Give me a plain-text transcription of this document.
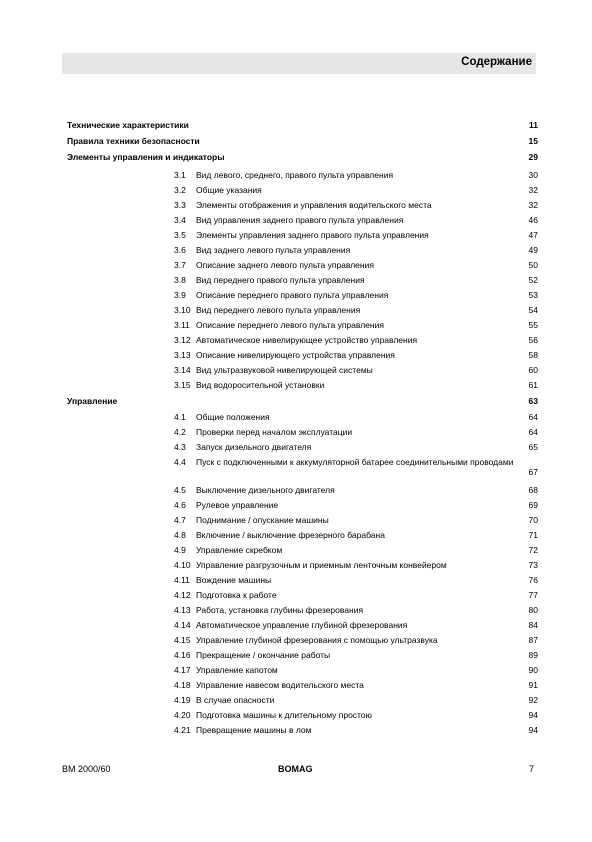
Содержание
Технические характеристики	11
Правила техники безопасности	15
Элементы управления и индикаторы	29
3.1 Вид левого, среднего, правого пульта управления	30
3.2 Общие указания	32
3.3 Элементы отображения и управления водительского места	32
3.4 Вид управления заднего правого пульта управления	46
3.5 Элементы управления заднего правого пульта управления	47
3.6 Вид заднего левого пульта управления	49
3.7 Описание заднего левого пульта управления	50
3.8 Вид переднего правого пульта управления	52
3.9 Описание переднего правого пульта управления	53
3.10 Вид переднего левого пульта управления	54
3.11 Описание переднего левого пульта управления	55
3.12 Автоматическое нивелирующее устройство управления	56
3.13 Описание нивелирующего устройства управления	58
3.14 Вид ультразвуковой нивелирующей системы	60
3.15 Вид водоросительной установки	61
Управление	63
4.1 Общие положения	64
4.2 Проверки перед началом эксплуатации	64
4.3 Запуск дизельного двигателя	65
4.4 Пуск с подключенными к аккумуляторной батарее соединительными проводами
67
4.5 Выключение дизельного двигателя	68
4.6 Рулевое управление	69
4.7 Поднимание / опускание машины	70
4.8 Включение / выключение фрезерного барабана	71
4.9 Управление скребком	72
4.10 Управление разгрузочным и приемным ленточным конвейером	73
4.11 Вождение машины	76
4.12 Подготовка к работе	77
4.13 Работа, установка глубины фрезерования	80
4.14 Автоматическое управление глубиной фрезерования	84
4.15 Управление глубиной фрезерования с помощью ультразвука	87
4.16 Прекращение / окончание работы	89
4.17 Управление капотом	90
4.18 Управление навесом водительского места	91
4.19 В случае опасности	92
4.20 Подготовка машины к длительному простою	94
4.21 Превращение машины в лом	94
BM 2000/60	BOMAG	7
